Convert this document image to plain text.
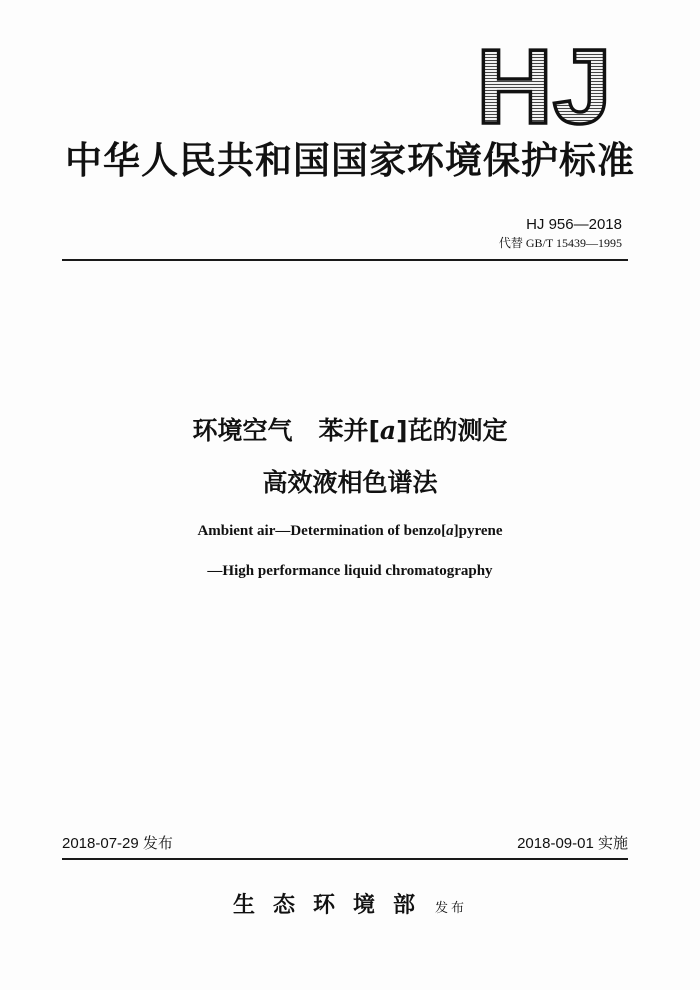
HJ
中华人民共和国国家环境保护标准
HJ 956—2018
代替 GB/T 15439—1995
环境空气 苯并[a]芘的测定
高效液相色谱法
Ambient air—Determination of benzo[a]pyrene
—High performance liquid chromatography
2018-07-29 发布	2018-09-01 实施
生态环境部 发布
